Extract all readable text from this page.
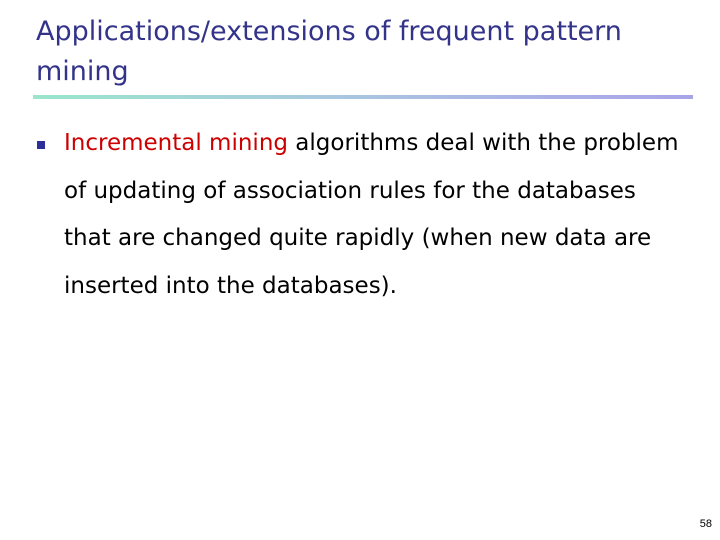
Applications/extensions of frequent pattern mining

Incremental mining algorithms deal with the problem of updating of association rules for the databases that are changed quite rapidly (when new data are inserted into the databases).

58
